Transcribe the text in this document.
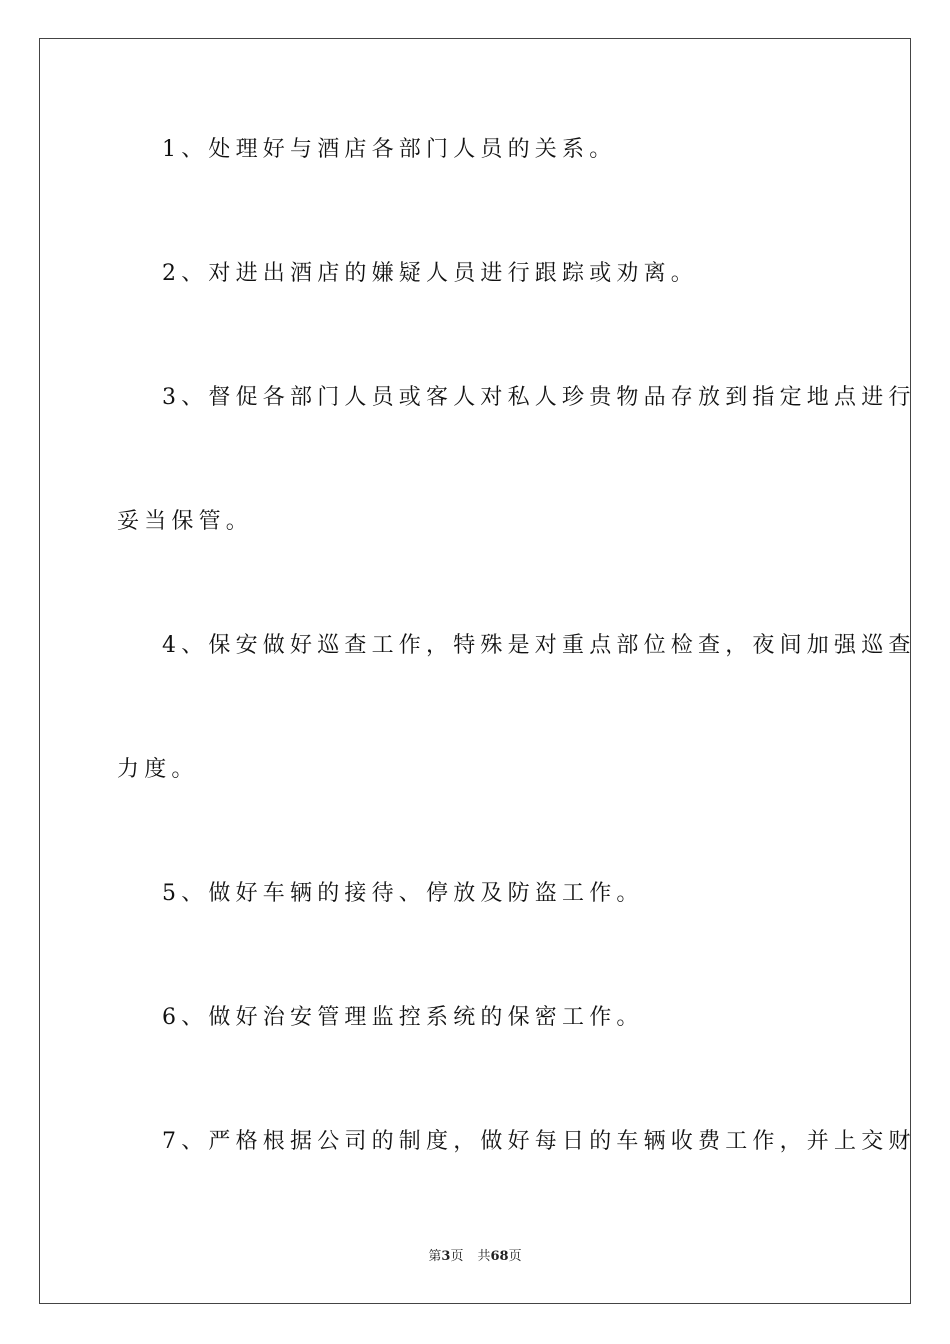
1、处理好与酒店各部门人员的关系。
2、对进出酒店的嫌疑人员进行跟踪或劝离。
3、督促各部门人员或客人对私人珍贵物品存放到指定地点进行
妥当保管。
4、保安做好巡查工作，特殊是对重点部位检查，夜间加强巡查
力度。
5、做好车辆的接待、停放及防盗工作。
6、做好治安管理监控系统的保密工作。
7、严格根据公司的制度，做好每日的车辆收费工作，并上交财
第3页 共68页
